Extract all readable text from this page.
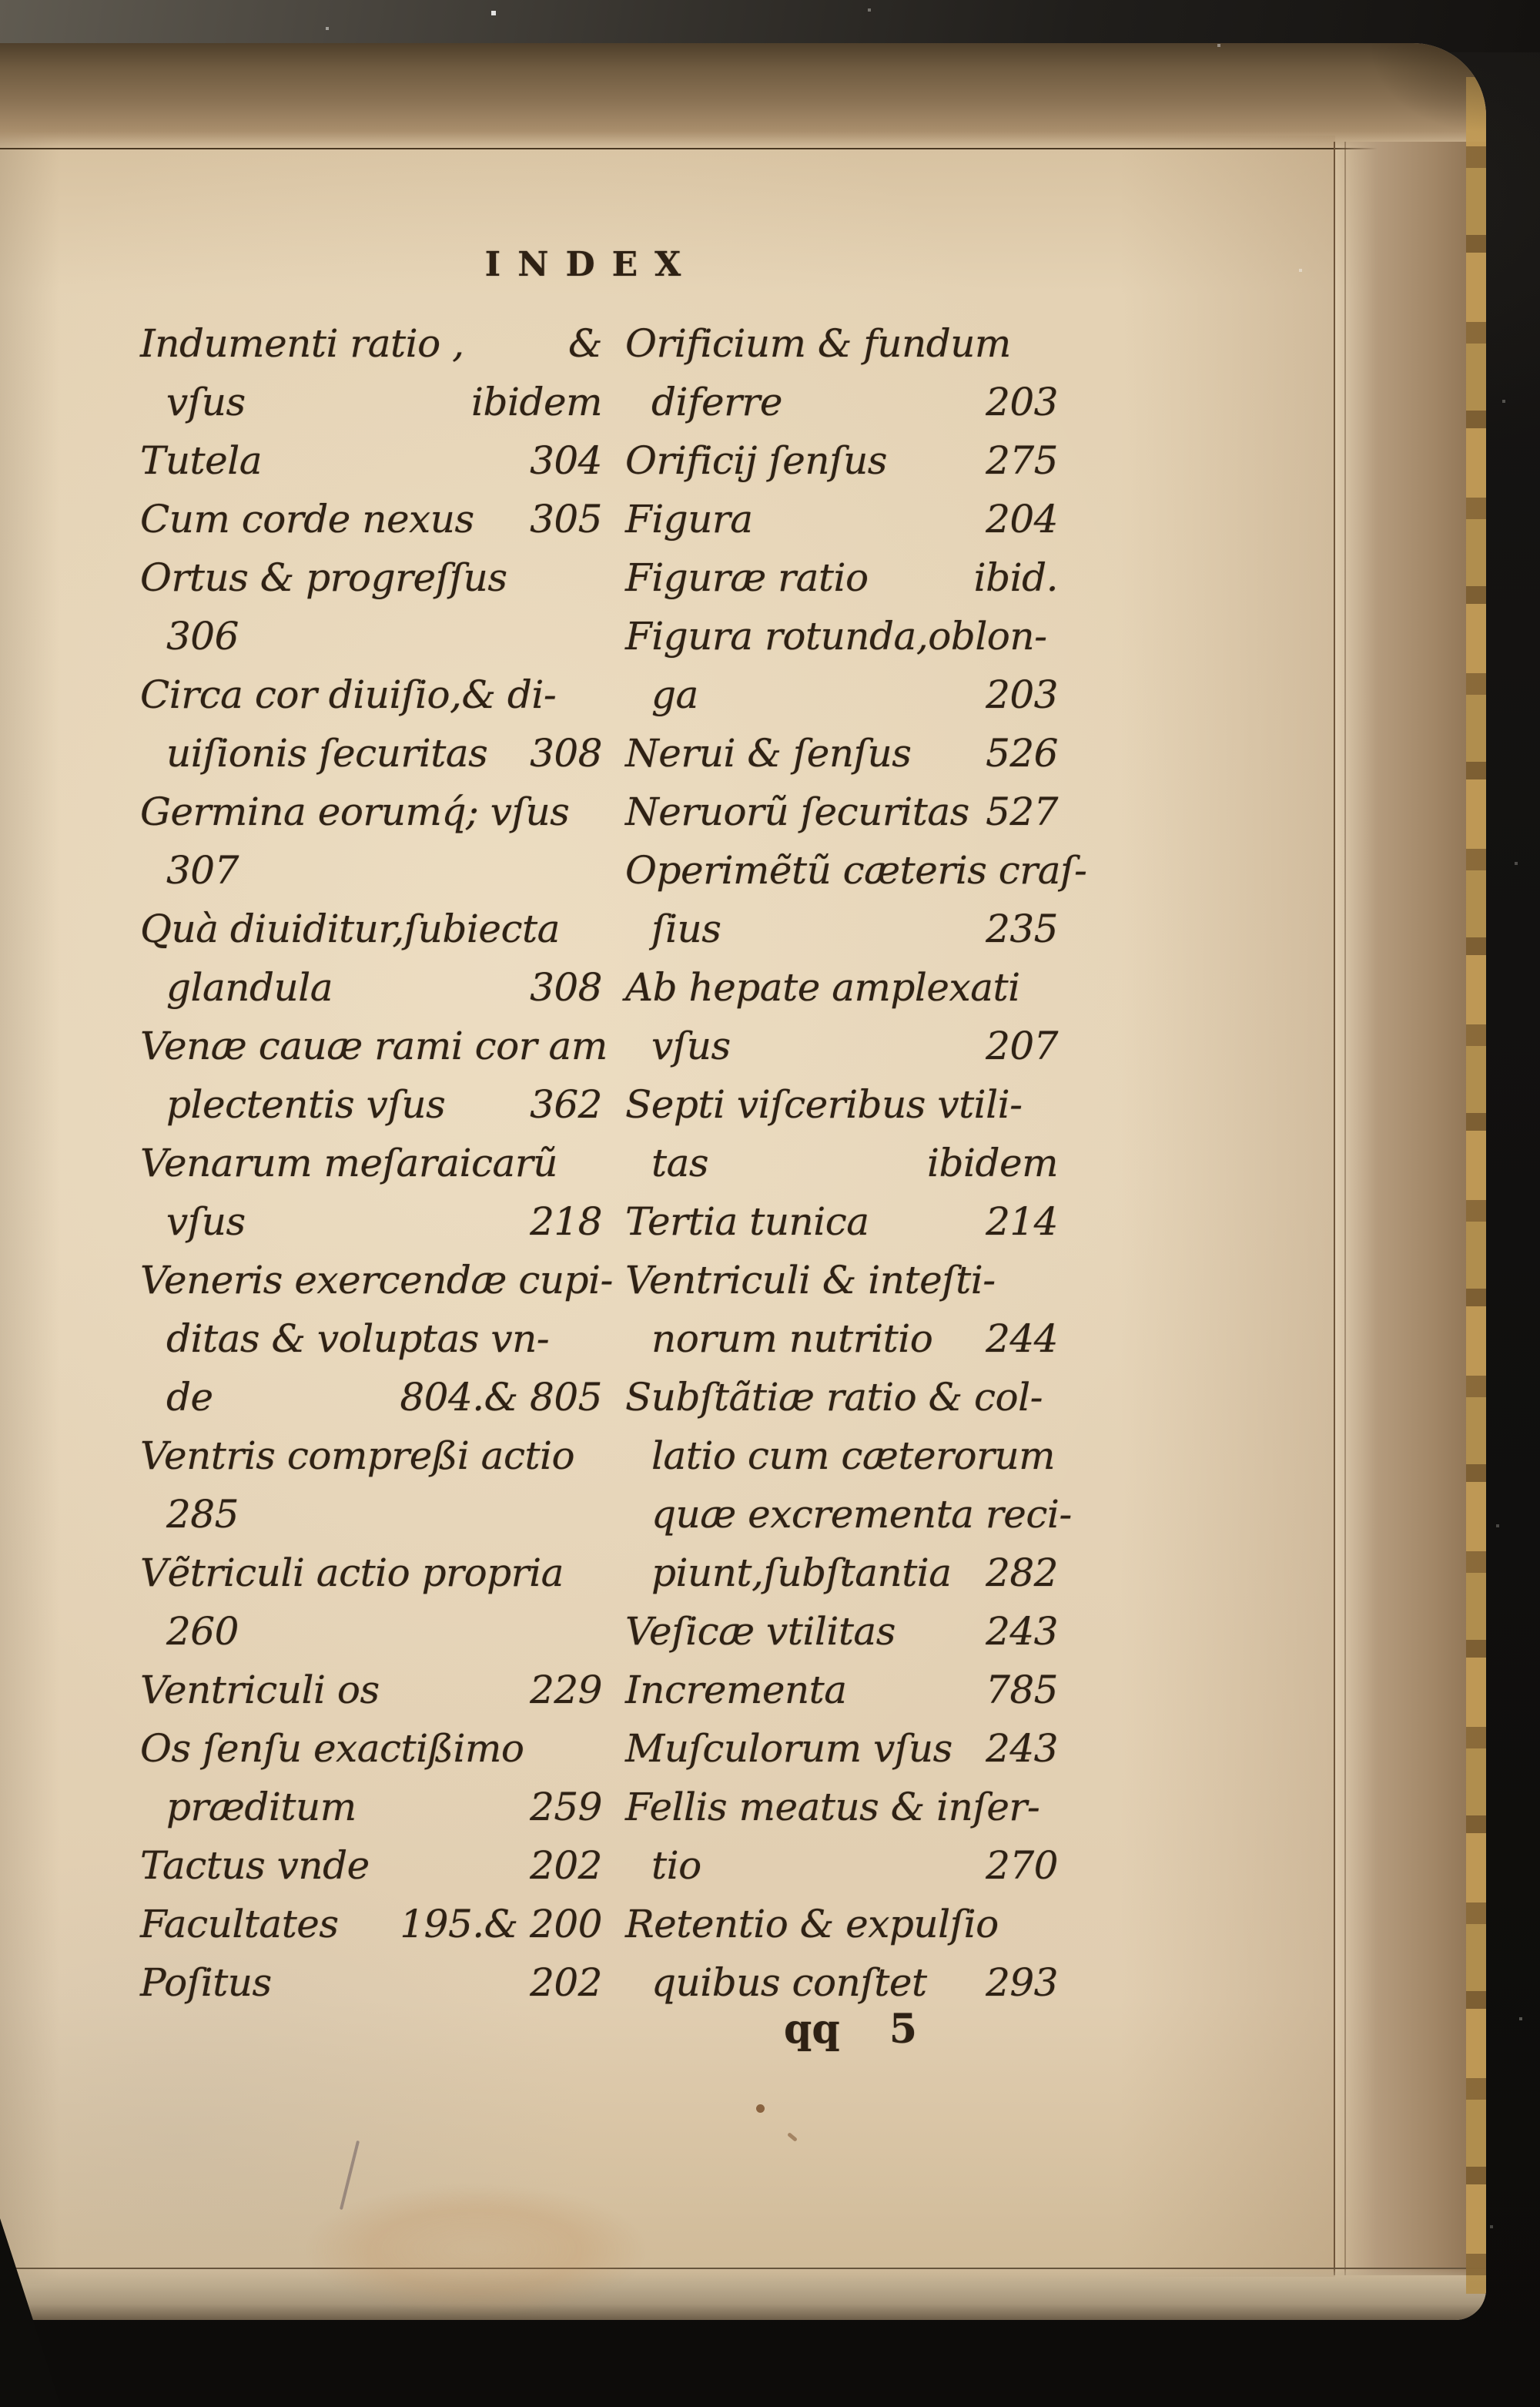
INDEX
Indumenti ratio ,	&
vſus	ibidem
Tutela	304
Cum corde nexus 305
Ortus & progreſſus
306
Circa cor diuiſio,& di-
uiſionis ſecuritas 308
Germina eorumq́; vſus
307
Quà diuiditur,ſubiecta
glandula	308
Venæ cauæ rami cor am
plectentis vſus 362
Venarum meſaraicarũ
vſus	218
Veneris exercendæ cupi-
ditas & voluptas vn-
de	804.& 805
Ventris compreßi actio
285
Vẽtriculi actio propria
260
Ventriculi os	229
Os ſenſu exactißimo
præditum	259
Tactus vnde	202
Facultates 195.& 200
Poſitus	202
Orificium & fundum
diferre	203
Orificij ſenſus	275
Figura	204
Figuræ ratio	ibid.
Figura rotunda,oblon-
ga	203
Nerui & ſenſus 526
Neruorũ ſecuritas 527
Operimẽtũ cæteris craſ-
ſius	235
Ab hepate amplexati
vſus	207
Septi viſceribus vtili-
tas	ibidem
Tertia tunica	214
Ventriculi & inteſti-
norum nutritio 244
Subſtãtiæ ratio & col-
latio cum cæterorum
quæ excrementa reci-
piunt,ſubſtantia 282
Veſicæ vtilitas 243
Incrementa	785
Muſculorum vſus 243
Fellis meatus & inſer-
tio	270
Retentio & expulſio
quibus conſtet 293
qq 5
